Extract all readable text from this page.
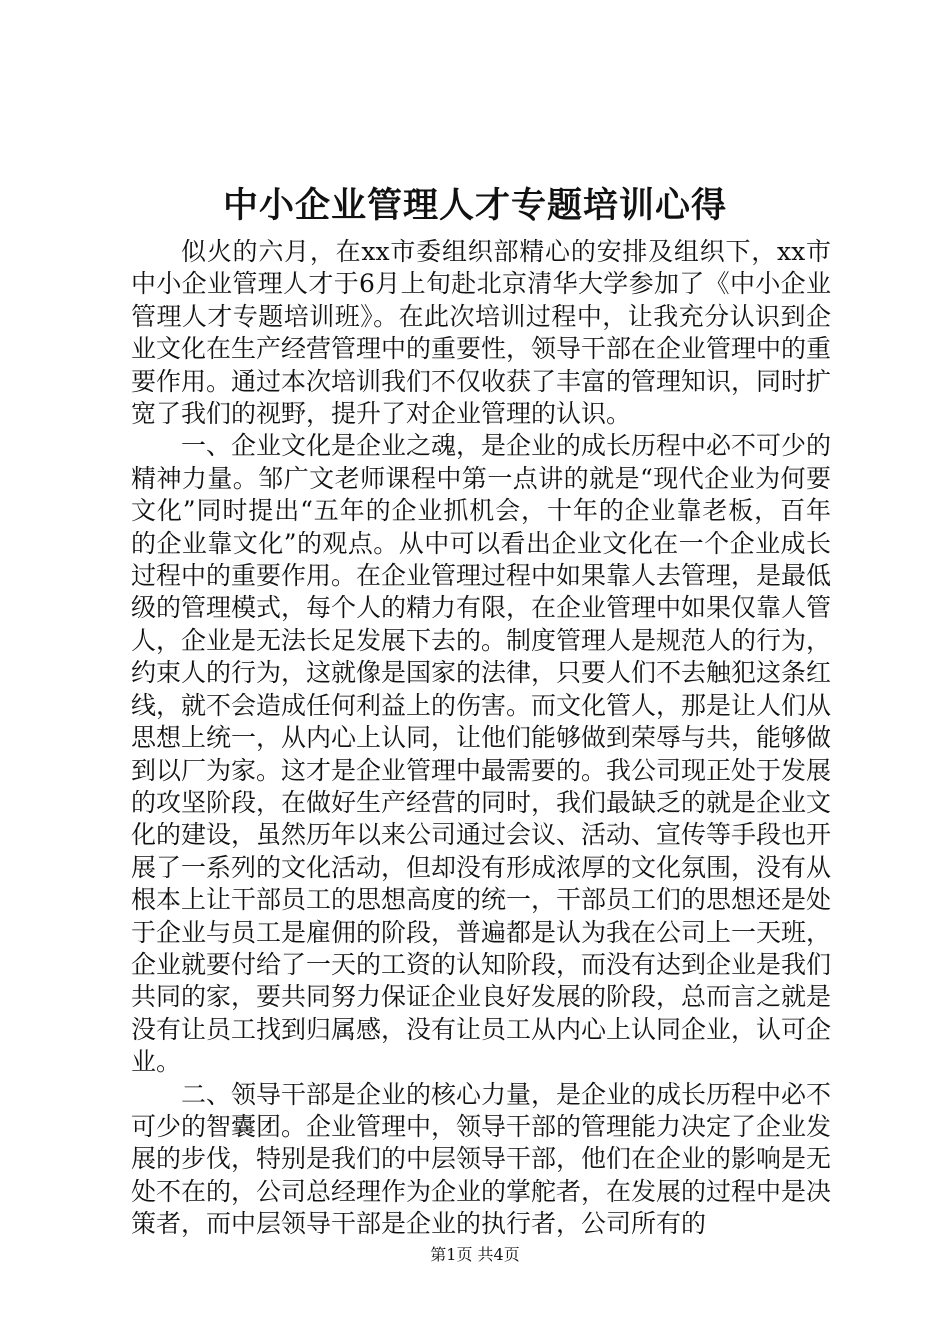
中小企业管理人才专题培训心得

似火的六月，在xx市委组织部精心的安排及组织下，xx市中小企业管理人才于6月上旬赴北京清华大学参加了《中小企业管理人才专题培训班》。在此次培训过程中，让我充分认识到企业文化在生产经营管理中的重要性，领导干部在企业管理中的重要作用。通过本次培训我们不仅收获了丰富的管理知识，同时扩宽了我们的视野，提升了对企业管理的认识。

一、企业文化是企业之魂，是企业的成长历程中必不可少的精神力量。邹广文老师课程中第一点讲的就是“现代企业为何要文化”同时提出“五年的企业抓机会，十年的企业靠老板，百年的企业靠文化”的观点。从中可以看出企业文化在一个企业成长过程中的重要作用。在企业管理过程中如果靠人去管理，是最低级的管理模式，每个人的精力有限，在企业管理中如果仅靠人管人，企业是无法长足发展下去的。制度管理人是规范人的行为，约束人的行为，这就像是国家的法律，只要人们不去触犯这条红线，就不会造成任何利益上的伤害。而文化管人，那是让人们从思想上统一，从内心上认同，让他们能够做到荣辱与共，能够做到以厂为家。这才是企业管理中最需要的。我公司现正处于发展的攻坚阶段，在做好生产经营的同时，我们最缺乏的就是企业文化的建设，虽然历年以来公司通过会议、活动、宣传等手段也开展了一系列的文化活动，但却没有形成浓厚的文化氛围，没有从根本上让干部员工的思想高度的统一，干部员工们的思想还是处于企业与员工是雇佣的阶段，普遍都是认为我在公司上一天班，企业就要付给了一天的工资的认知阶段，而没有达到企业是我们共同的家，要共同努力保证企业良好发展的阶段，总而言之就是没有让员工找到归属感，没有让员工从内心上认同企业，认可企业。

二、领导干部是企业的核心力量，是企业的成长历程中必不可少的智囊团。企业管理中，领导干部的管理能力决定了企业发展的步伐，特别是我们的中层领导干部，他们在企业的影响是无处不在的，公司总经理作为企业的掌舵者，在发展的过程中是决策者，而中层领导干部是企业的执行者，公司所有的

第1页 共4页
